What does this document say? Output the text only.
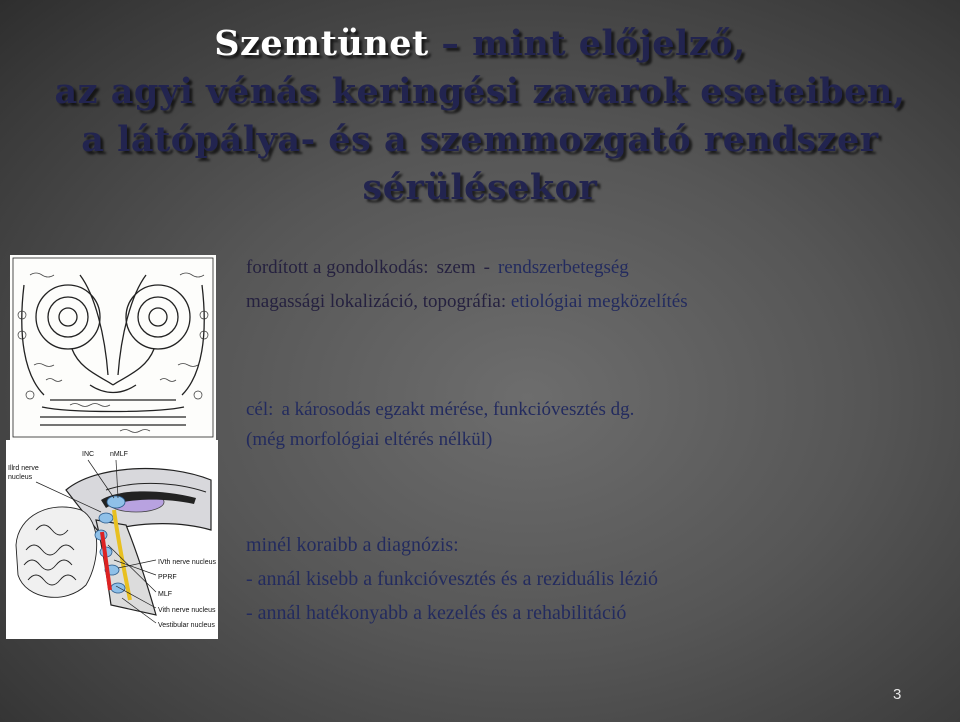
Szemtünet – mint előjelző,
az agyi vénás keringési zavarok eseteiben,
a látópálya- és a szemmozgató rendszer
sérülésekor
INC nMLF
Illrd nerve
nucleus
IVth nerve nucleus
PPRF
MLF
Vith nerve nucleus
Vestibular nucleus
fordított a gondolkodás: szem - rendszerbetegség
magassági lokalizáció, topográfia: etiológiai megközelítés
cél: a károsodás egzakt mérése, funkcióvesztés dg.
(még morfológiai eltérés nélkül)
minél koraibb a diagnózis:
- annál kisebb a funkcióvesztés és a reziduális lézió
- annál hatékonyabb a kezelés és a rehabilitáció
3
